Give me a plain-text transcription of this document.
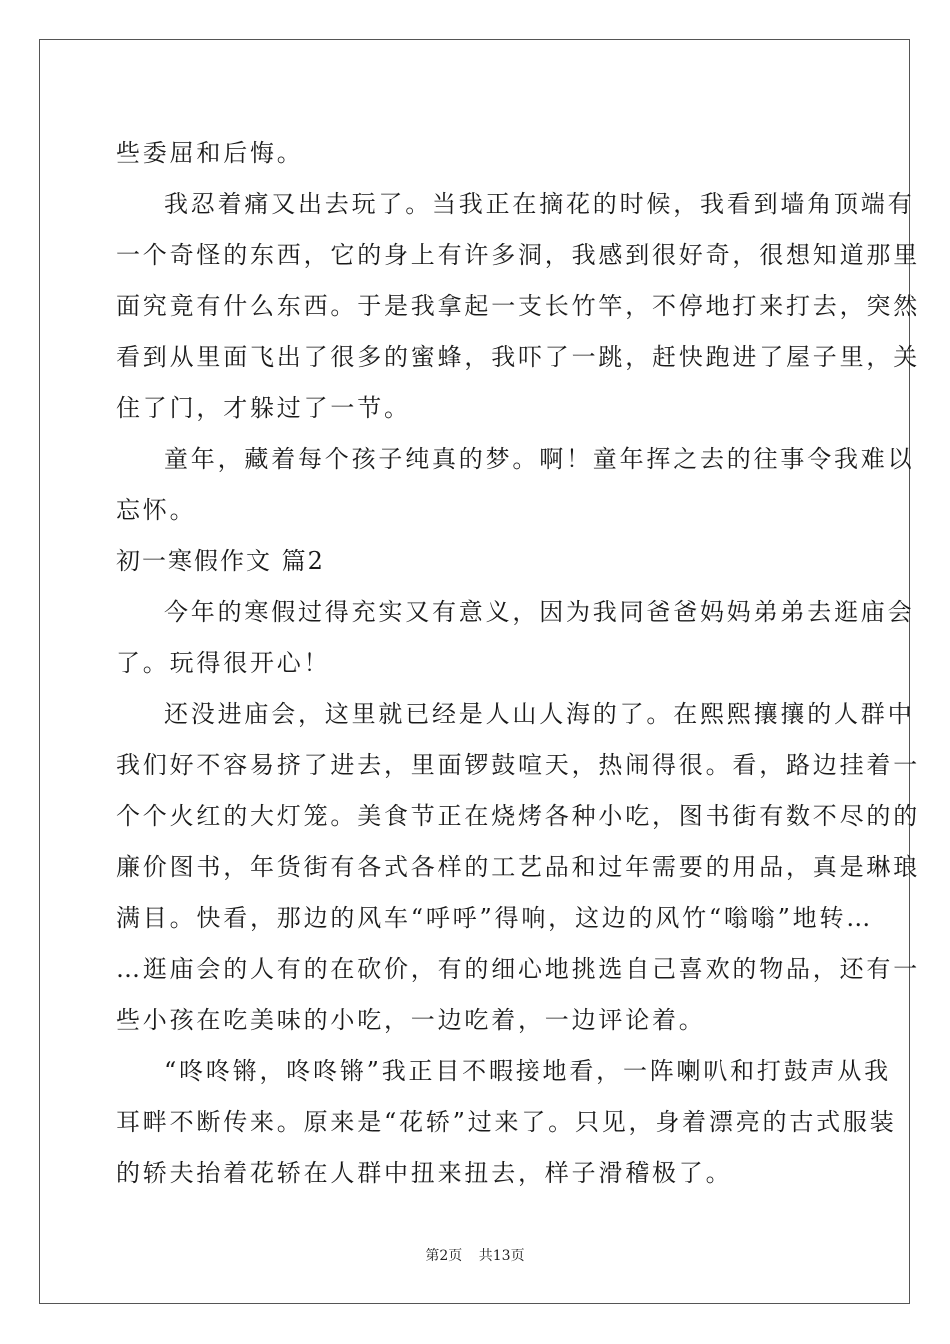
些委屈和后悔。

我忍着痛又出去玩了。当我正在摘花的时候，我看到墙角顶端有
一个奇怪的东西，它的身上有许多洞，我感到很好奇，很想知道那里
面究竟有什么东西。于是我拿起一支长竹竿，不停地打来打去，突然
看到从里面飞出了很多的蜜蜂，我吓了一跳，赶快跑进了屋子里，关
住了门，才躲过了一节。

童年，藏着每个孩子纯真的梦。啊！童年挥之去的往事令我难以
忘怀。

初一寒假作文 篇2

今年的寒假过得充实又有意义，因为我同爸爸妈妈弟弟去逛庙会
了。玩得很开心！

还没进庙会，这里就已经是人山人海的了。在熙熙攘攘的人群中
我们好不容易挤了进去，里面锣鼓喧天，热闹得很。看，路边挂着一
个个火红的大灯笼。美食节正在烧烤各种小吃，图书街有数不尽的的
廉价图书，年货街有各式各样的工艺品和过年需要的用品，真是琳琅
满目。快看，那边的风车“呼呼”得响，这边的风竹“嗡嗡”地转…
…逛庙会的人有的在砍价，有的细心地挑选自己喜欢的物品，还有一
些小孩在吃美味的小吃，一边吃着，一边评论着。

“咚咚锵，咚咚锵”我正目不暇接地看，一阵喇叭和打鼓声从我
耳畔不断传来。原来是“花轿”过来了。只见，身着漂亮的古式服装
的轿夫抬着花轿在人群中扭来扭去，样子滑稽极了。

第2页 共13页
